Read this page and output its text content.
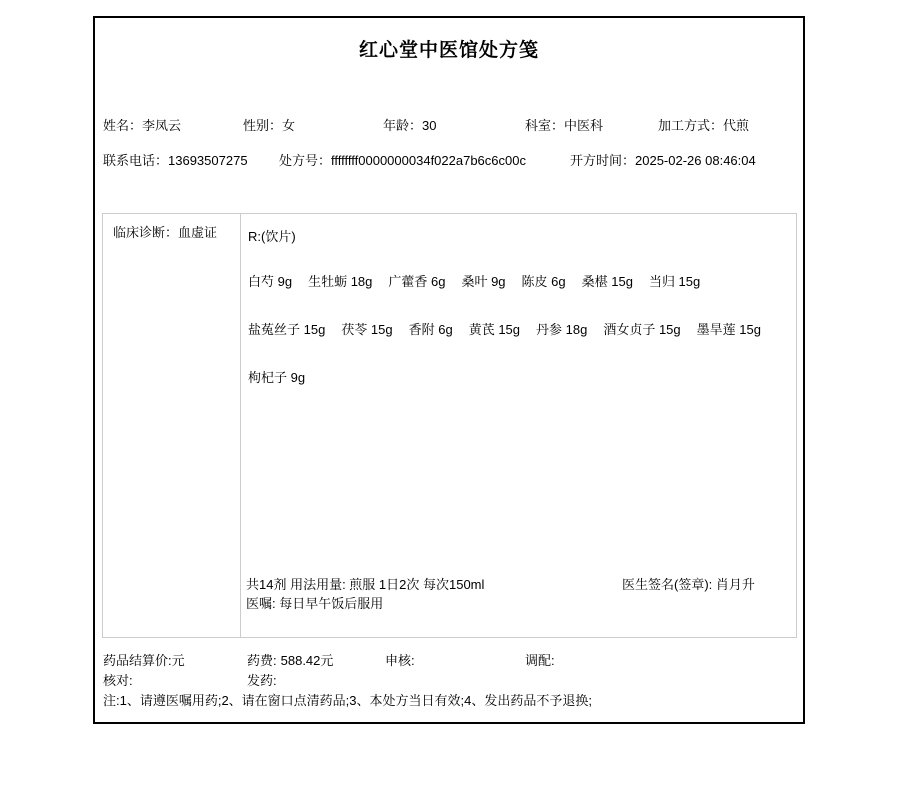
红心堂中医馆处方笺
姓名：李凤云	性别：女	年龄：30	科室：中医科	加工方式：代煎
联系电话：13693507275 处方号：ffffffff0000000034f022a7b6c6c00c	开方时间：2025-02-26 08:46:04
临床诊断：血虚证	R:(饮片)
白芍 9g 生牡蛎 18g 广藿香 6g 桑叶 9g 陈皮 6g 桑椹 15g 当归 15g
盐菟丝子 15g 茯苓 15g 香附 6g 黄芪 15g 丹参 18g 酒女贞子 15g 墨旱莲 15g
枸杞子 9g
共14剂 用法用量: 煎服 1日2次 每次150ml
医嘱: 每日早午饭后服用
医生签名(签章): 肖月升
药品结算价:元	药费: 588.42元	申核:	调配:
核对:	发药:
注:1、请遵医嘱用药;2、请在窗口点清药品;3、本处方当日有效;4、发出药品不予退换;
